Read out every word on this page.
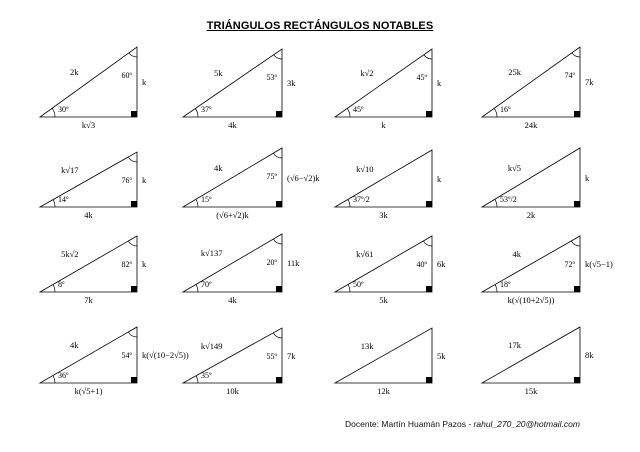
TRIÁNGULOS RECTÁNGULOS NOTABLES
2k
k
k√3
30º
60º	5k
3k
4k
37º
53º	k√2
k
k
45º
45º
25k
7k
24k
16º
74º
k√17
k
4k
14º
76º
4k
(√6−√2)k
(√6+√2)k
15º
75º
k√10
k
3k
37º/2
k√5
k
2k
53º/2
5k√2
k
7k
8º
82º
k√137
11k
4k
70º
20º
k√61
6k
5k
50º
40º
4k
k(√5−1)
k(√(10+2√5))
18º
72º
4k
k(√(10−2√5))
k(√5+1)
36º
54º
k√149
7k
10k
35º
55º
13k
5k
12k
17k
8k
15k
Docente: Martín Huamán Pazos - rahul_270_20@hotmail.com
